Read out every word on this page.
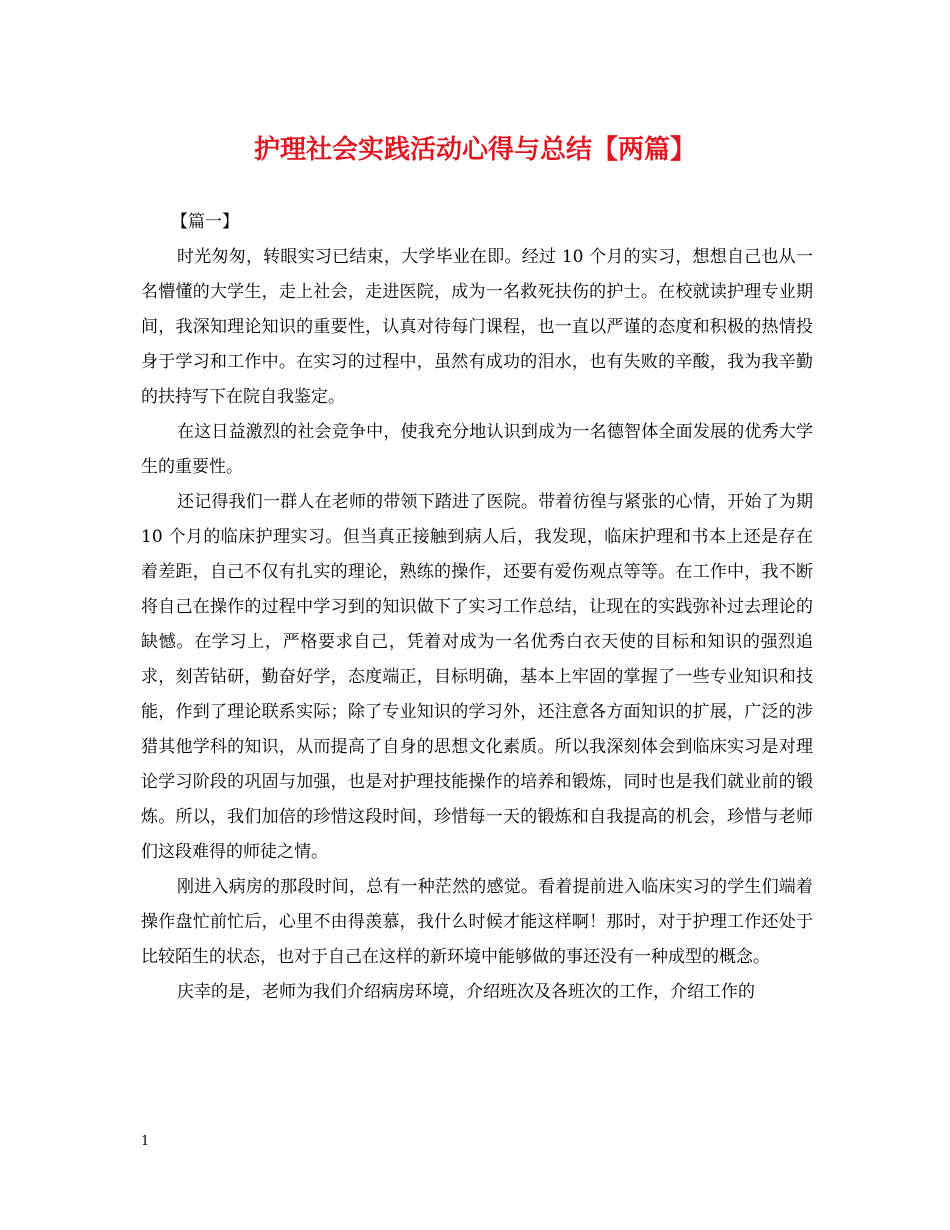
护理社会实践活动心得与总结【两篇】

【篇一】

时光匆匆，转眼实习已结束，大学毕业在即。经过 10 个月的实习，想想自己也从一名懵懂的大学生，走上社会，走进医院，成为一名救死扶伤的护士。在校就读护理专业期间，我深知理论知识的重要性，认真对待每门课程，也一直以严谨的态度和积极的热情投身于学习和工作中。在实习的过程中，虽然有成功的泪水，也有失败的辛酸，我为我辛勤的扶持写下在院自我鉴定。

在这日益激烈的社会竞争中，使我充分地认识到成为一名德智体全面发展的优秀大学生的重要性。

还记得我们一群人在老师的带领下踏进了医院。带着彷徨与紧张的心情，开始了为期 10 个月的临床护理实习。但当真正接触到病人后，我发现，临床护理和书本上还是存在着差距，自己不仅有扎实的理论，熟练的操作，还要有爱伤观点等等。在工作中，我不断将自己在操作的过程中学习到的知识做下了实习工作总结，让现在的实践弥补过去理论的缺憾。在学习上，严格要求自己，凭着对成为一名优秀白衣天使的目标和知识的强烈追求，刻苦钻研，勤奋好学，态度端正，目标明确，基本上牢固的掌握了一些专业知识和技能，作到了理论联系实际；除了专业知识的学习外，还注意各方面知识的扩展，广泛的涉猎其他学科的知识，从而提高了自身的思想文化素质。所以我深刻体会到临床实习是对理论学习阶段的巩固与加强，也是对护理技能操作的培养和锻炼，同时也是我们就业前的锻炼。所以，我们加倍的珍惜这段时间，珍惜每一天的锻炼和自我提高的机会，珍惜与老师们这段难得的师徒之情。

刚进入病房的那段时间，总有一种茫然的感觉。看着提前进入临床实习的学生们端着操作盘忙前忙后，心里不由得羡慕，我什么时候才能这样啊！那时，对于护理工作还处于比较陌生的状态，也对于自己在这样的新环境中能够做的事还没有一种成型的概念。

庆幸的是，老师为我们介绍病房环境，介绍班次及各班次的工作，介绍工作的

1
